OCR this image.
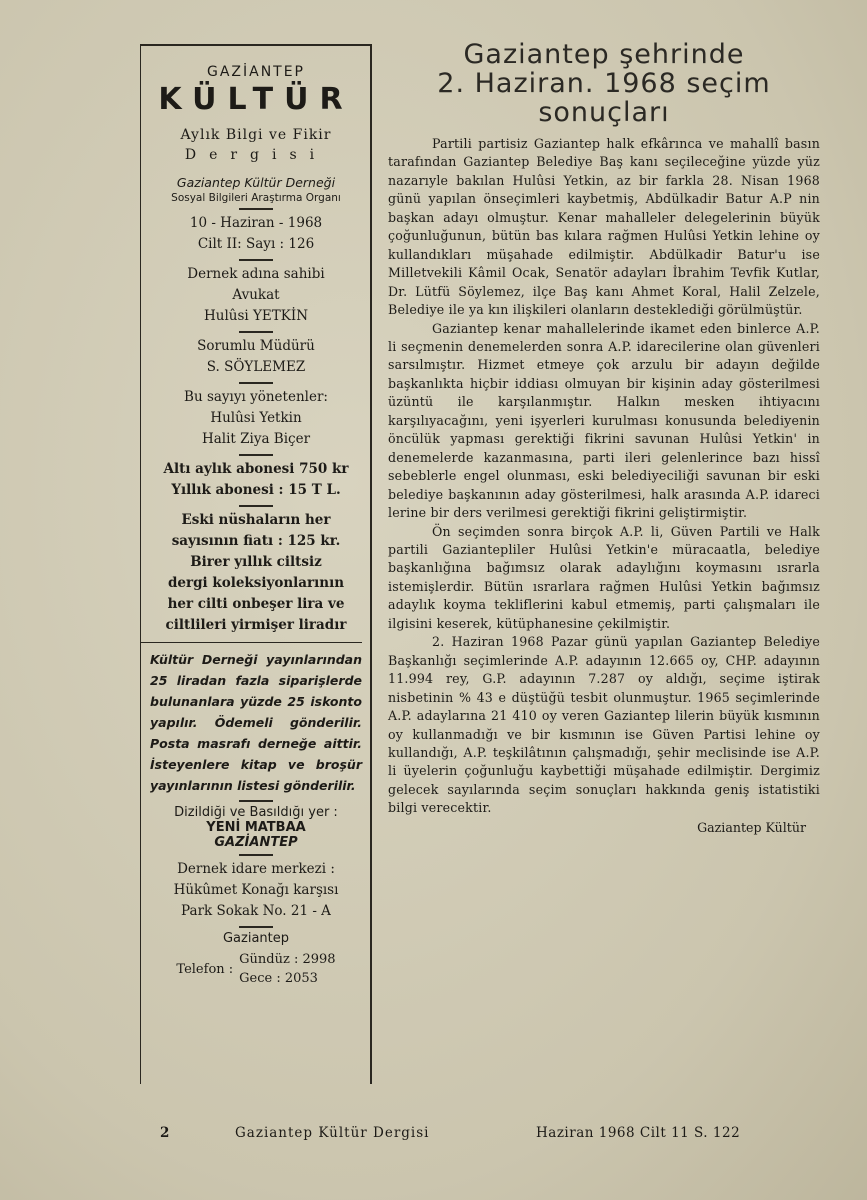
GAZİANTEP
KÜLTÜR
Aylık Bilgi ve Fikir
Dergisi
Gaziantep Kültür Derneği
Sosyal Bilgileri Araştırma Organı
10 - Haziran - 1968
Cilt II: Sayı : 126
Dernek adına sahibi
Avukat
Hulûsi YETKİN
Sorumlu Müdürü
S. SÖYLEMEZ
Bu sayıyı yönetenler:
Hulûsi Yetkin
Halit Ziya Biçer
Altı aylık abonesi 750 kr
Yıllık abonesi : 15 T L.
Eski nüshaların her
sayısının fiatı : 125 kr.
Birer yıllık ciltsiz
dergi koleksiyonlarının
her cilti onbeşer lira ve
ciltlileri yirmişer liradır
Kültür Derneği yayınlarından 25 liradan fazla siparişlerde bulunanlara yüzde 25 iskonto yapılır. Ödemeli gönderilir. Posta masrafı derneğe aittir. İsteyenlere kitap ve broşür yayınlarının listesi gönderilir.
Dizildiği ve Basıldığı yer :
YENİ MATBAA
GAZİANTEP
Dernek idare merkezi :
Hükûmet Konağı karşısı
Park Sokak No. 21 - A
Gaziantep
Telefon :
Gündüz : 2998
Gece : 2053
Gaziantep şehrinde
2. Haziran. 1968 seçim
sonuçları

Partili partisiz Gaziantep halk efkârınca ve mahallî basın tarafından Gaziantep Belediye Baş kanı seçileceğine yüzde yüz nazarıyle bakılan Hulûsi Yetkin, az bir farkla 28. Nisan 1968 günü yapılan önseçimleri kaybetmiş, Abdülkadir Batur A.P nin başkan adayı olmuştur. Kenar mahalleler delegelerinin büyük çoğunluğunun, bütün bas kılara rağmen Hulûsi Yetkin lehine oy kullandıkları müşahade edilmiştir. Abdülkadir Batur'u ise Milletvekili Kâmil Ocak, Senatör adayları İbrahim Tevfik Kutlar, Dr. Lütfü Söylemez, ilçe Baş kanı Ahmet Koral, Halil Zelzele, Belediye ile ya kın ilişkileri olanların desteklediği görülmüştür.

Gaziantep kenar mahallelerinde ikamet eden binlerce A.P. li seçmenin denemelerden sonra A.P. idarecilerine olan güvenleri sarsılmıştır. Hizmet etmeye çok arzulu bir adayın değilde başkanlıkta hiçbir iddiası olmuyan bir kişinin aday gösterilmesi üzüntü ile karşılanmıştır. Halkın mesken ihtiyacını karşılıyacağını, yeni işyerleri kurulması konusunda belediyenin öncülük yapması gerektiği fikrini savunan Hulûsi Yetkin' in denemelerde kazanmasına, parti ileri gelenlerince bazı hissî sebeblerle engel olunması, eski belediyeciliği savunan bir eski belediye başkanının aday gösterilmesi, halk arasında A.P. idareci lerine bir ders verilmesi gerektiği fikrini geliştirmiştir.

Ön seçimden sonra birçok A.P. li, Güven Partili ve Halk partili Gaziantepliler Hulûsi Yetkin'e müracaatla, belediye başkanlığına bağımsız olarak adaylığını koymasını ısrarla istemişlerdir. Bütün ısrarlara rağmen Hulûsi Yetkin bağımsız adaylık koyma tekliflerini kabul etmemiş, parti çalışmaları ile ilgisini keserek, kütüphanesine çekilmiştir.

2. Haziran 1968 Pazar günü yapılan Gaziantep Belediye Başkanlığı seçimlerinde A.P. adayının 12.665 oy, CHP. adayının 11.994 rey, G.P. adayının 7.287 oy aldığı, seçime iştirak nisbetinin % 43 e düştüğü tesbit olunmuştur. 1965 seçimlerinde A.P. adaylarına 21 410 oy veren Gaziantep lilerin büyük kısmının oy kullanmadığı ve bir kısmının ise Güven Partisi lehine oy kullandığı, A.P. teşkilâtının çalışmadığı, şehir meclisinde ise A.P. li üyelerin çoğunluğu kaybettiği müşahade edilmiştir. Dergimiz gelecek sayılarında seçim sonuçları hakkında geniş istatistiki bilgi verecektir.

Gaziantep Kültür
2	Gaziantep Kültür Dergisi	Haziran 1968 Cilt 11 S. 122
